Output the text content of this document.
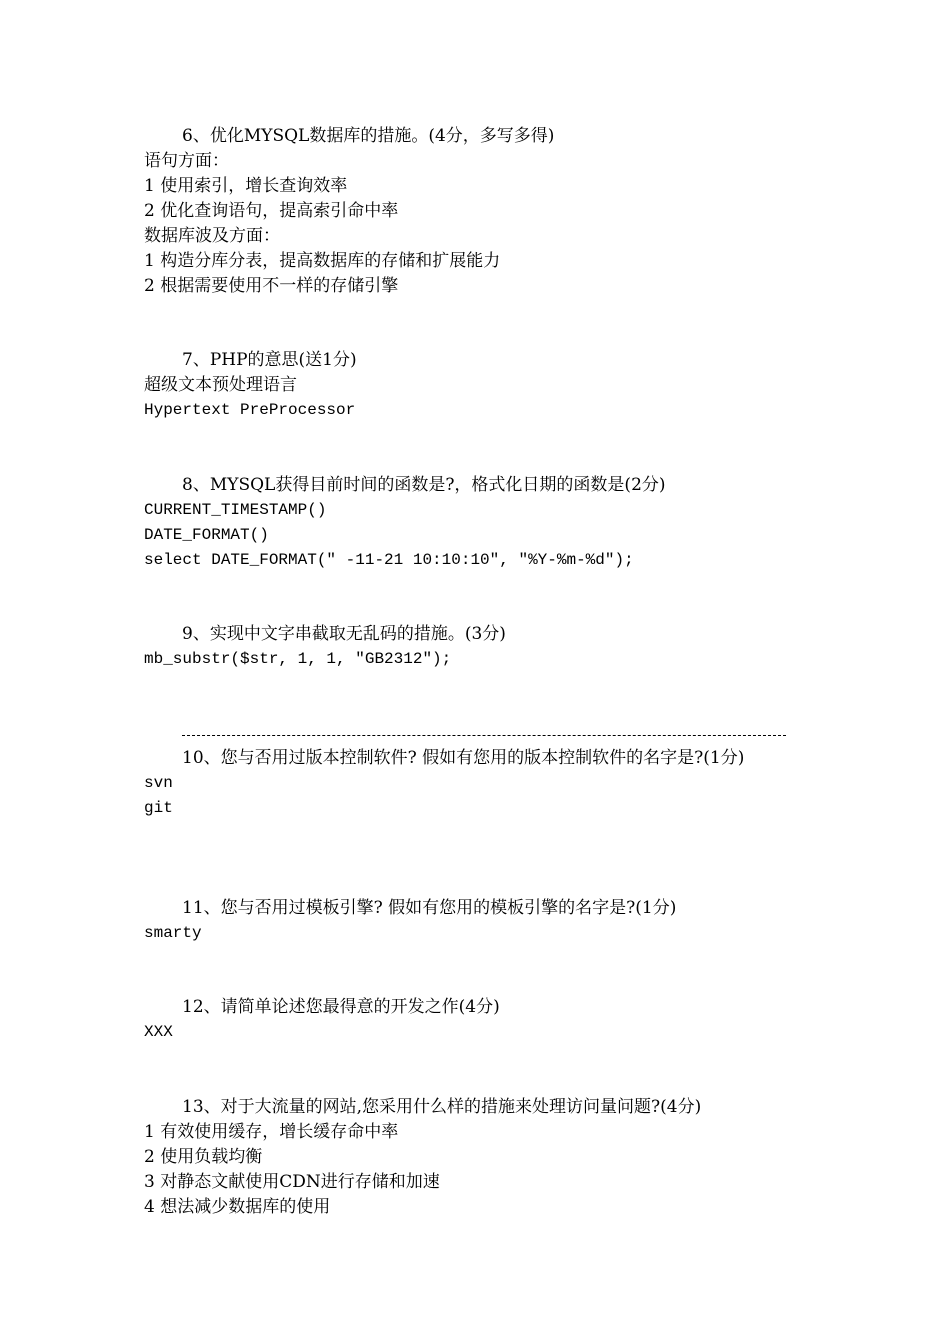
6、优化MYSQL数据库的措施。(4分，多写多得)
语句方面：
1 使用索引，增长查询效率
2 优化查询语句，提高索引命中率
数据库波及方面：
1 构造分库分表，提高数据库的存储和扩展能力
2 根据需要使用不一样的存储引擎
7、PHP的意思(送1分)
超级文本预处理语言
Hypertext PreProcessor
8、MYSQL获得目前时间的函数是?，格式化日期的函数是(2分)
CURRENT_TIMESTAMP()
DATE_FORMAT()
select DATE_FORMAT(" -11-21 10:10:10", "%Y-%m-%d");
9、实现中文字串截取无乱码的措施。(3分)
mb_substr($str, 1, 1, "GB2312");
10、您与否用过版本控制软件? 假如有您用的版本控制软件的名字是?(1分)
svn
git
11、您与否用过模板引擎? 假如有您用的模板引擎的名字是?(1分)
smarty
12、请简单论述您最得意的开发之作(4分)
XXX
13、对于大流量的网站,您采用什么样的措施来处理访问量问题?(4分)
1 有效使用缓存，增长缓存命中率
2 使用负载均衡
3 对静态文献使用CDN进行存储和加速
4 想法减少数据库的使用
